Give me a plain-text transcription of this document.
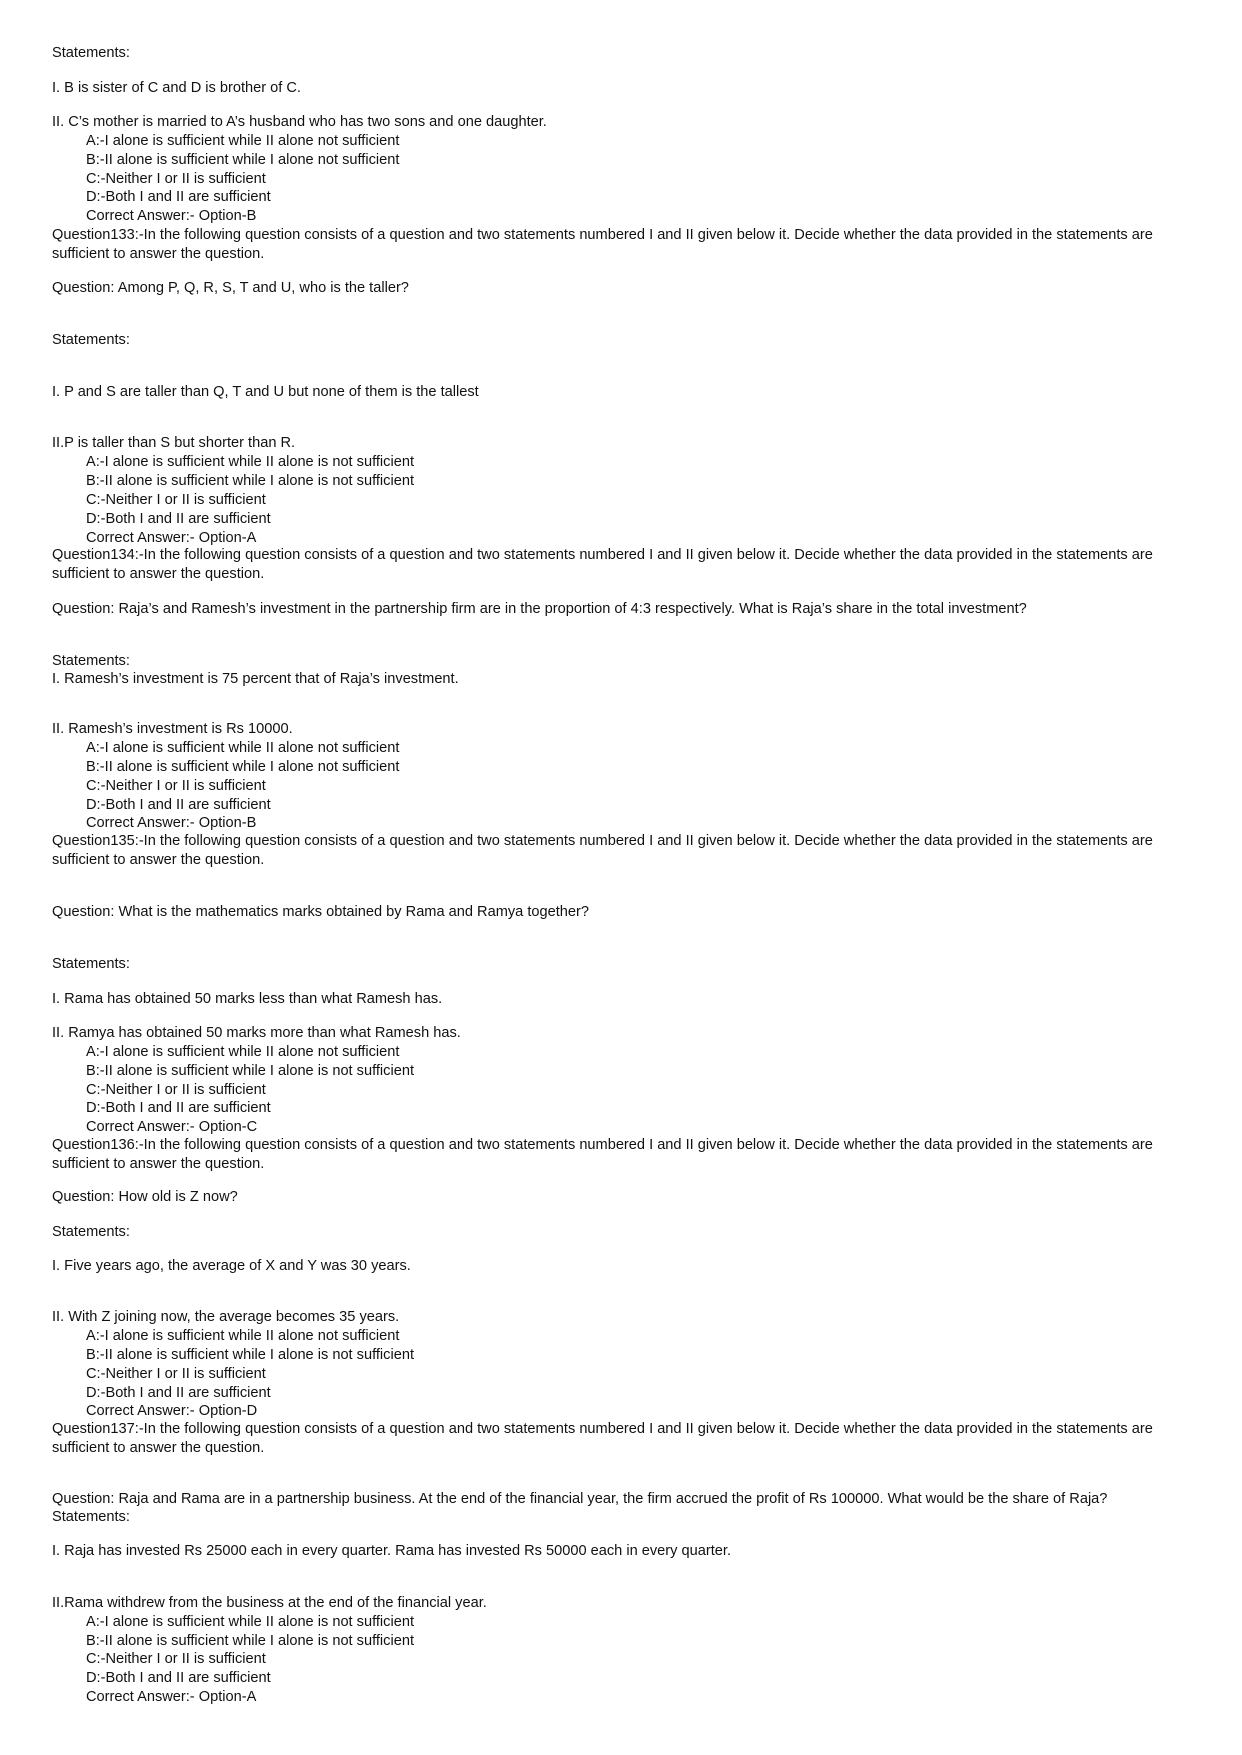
Statements:
I. B is sister of C and D is brother of C.
II. C’s mother is married to A’s husband who has two sons and one daughter.
A:-I alone is sufficient while II alone not sufficient
B:-II alone is sufficient while I alone not sufficient
C:-Neither I or II is sufficient
D:-Both I and II are sufficient
Correct Answer:- Option-B
Question133:-In the following question consists of a question and two statements numbered I and II given below it. Decide whether the data provided in the statements are sufficient to answer the question.
Question: Among P, Q, R, S, T and U, who is the taller?
Statements:
I. P and S are taller than Q, T and U but none of them is the tallest
II.P is taller than S but shorter than R.
A:-I alone is sufficient while II alone is not sufficient
B:-II alone is sufficient while I alone is not sufficient
C:-Neither I or II is sufficient
D:-Both I and II are sufficient
Correct Answer:- Option-A
Question134:-In the following question consists of a question and two statements numbered I and II given below it. Decide whether the data provided in the statements are sufficient to answer the question.
Question: Raja’s and Ramesh’s investment in the partnership firm are in the proportion of 4:3 respectively. What is Raja’s share in the total investment?
Statements:
I. Ramesh’s investment is 75 percent that of Raja’s investment.
II. Ramesh’s investment is Rs 10000.
A:-I alone is sufficient while II alone not sufficient
B:-II alone is sufficient while I alone not sufficient
C:-Neither I or II is sufficient
D:-Both I and II are sufficient
Correct Answer:- Option-B
Question135:-In the following question consists of a question and two statements numbered I and II given below it. Decide whether the data provided in the statements are sufficient to answer the question.
Question: What is the mathematics marks obtained by Rama and Ramya together?
Statements:
I. Rama has obtained 50 marks less than what Ramesh has.
II. Ramya has obtained 50 marks more than what Ramesh has.
A:-I alone is sufficient while II alone not sufficient
B:-II alone is sufficient while I alone is not sufficient
C:-Neither I or II is sufficient
D:-Both I and II are sufficient
Correct Answer:- Option-C
Question136:-In the following question consists of a question and two statements numbered I and II given below it. Decide whether the data provided in the statements are sufficient to answer the question.
Question: How old is Z now?
Statements:
I. Five years ago, the average of X and Y was 30 years.
II. With Z joining now, the average becomes 35 years.
A:-I alone is sufficient while II alone not sufficient
B:-II alone is sufficient while I alone is not sufficient
C:-Neither I or II is sufficient
D:-Both I and II are sufficient
Correct Answer:- Option-D
Question137:-In the following question consists of a question and two statements numbered I and II given below it. Decide whether the data provided in the statements are sufficient to answer the question.
Question: Raja and Rama are in a partnership business. At the end of the financial year, the firm accrued the profit of Rs 100000. What would be the share of Raja?
Statements:
I. Raja has invested Rs 25000 each in every quarter. Rama has invested Rs 50000 each in every quarter.
II.Rama withdrew from the business at the end of the financial year.
A:-I alone is sufficient while II alone is not sufficient
B:-II alone is sufficient while I alone is not sufficient
C:-Neither I or II is sufficient
D:-Both I and II are sufficient
Correct Answer:- Option-A
